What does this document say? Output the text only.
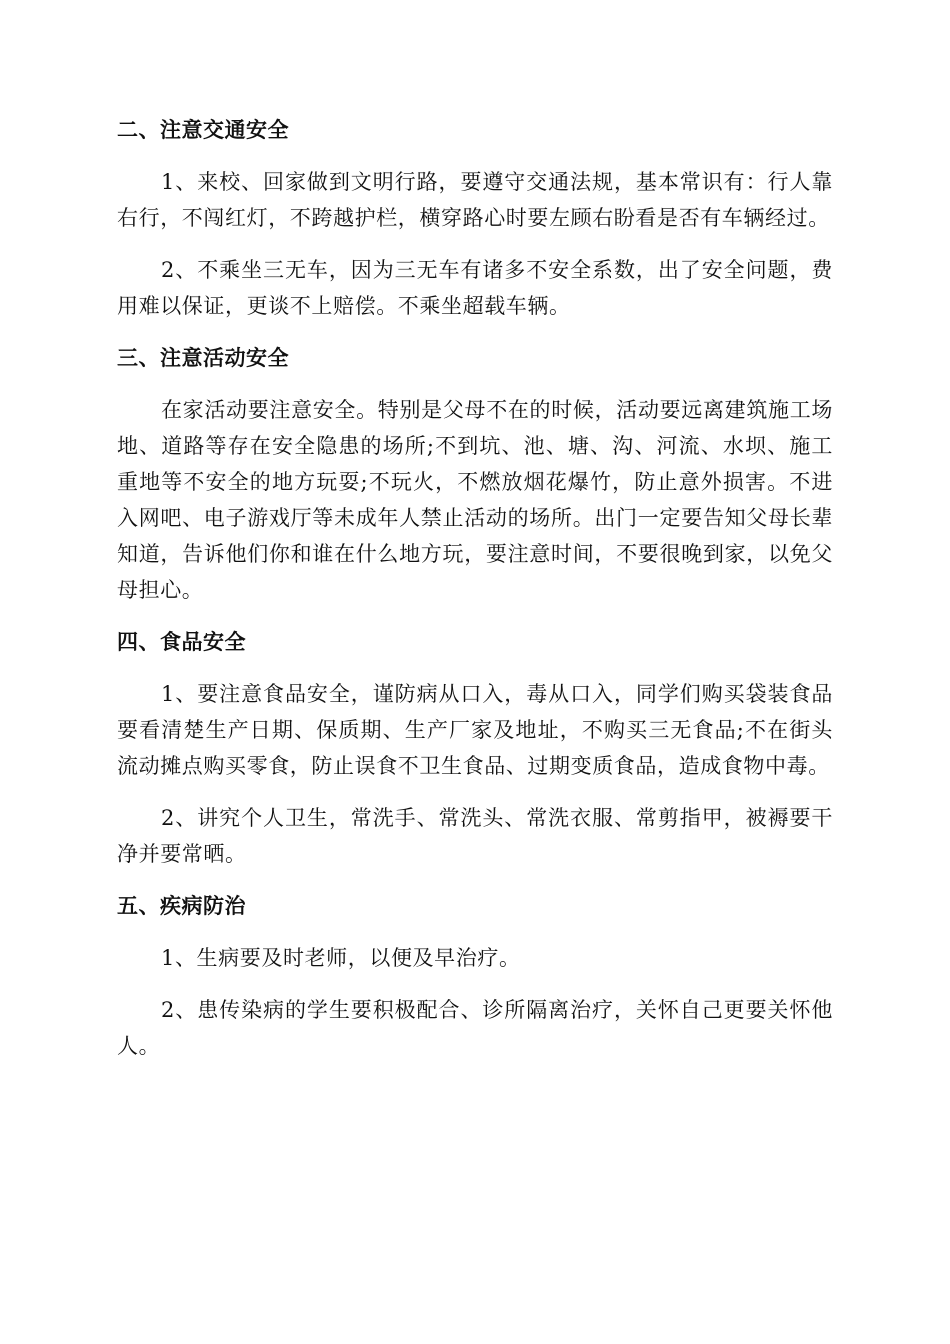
二、注意交通安全
1、来校、回家做到文明行路，要遵守交通法规，基本常识有：行人靠右行，不闯红灯，不跨越护栏，横穿路心时要左顾右盼看是否有车辆经过。
2、不乘坐三无车，因为三无车有诸多不安全系数，出了安全问题，费用难以保证，更谈不上赔偿。不乘坐超载车辆。
三、注意活动安全
在家活动要注意安全。特别是父母不在的时候，活动要远离建筑施工场地、道路等存在安全隐患的场所;不到坑、池、塘、沟、河流、水坝、施工重地等不安全的地方玩耍;不玩火，不燃放烟花爆竹，防止意外损害。不进入网吧、电子游戏厅等未成年人禁止活动的场所。出门一定要告知父母长辈知道，告诉他们你和谁在什么地方玩，要注意时间，不要很晚到家，以免父母担心。
四、食品安全
1、要注意食品安全，谨防病从口入，毒从口入，同学们购买袋装食品要看清楚生产日期、保质期、生产厂家及地址，不购买三无食品;不在街头流动摊点购买零食，防止误食不卫生食品、过期变质食品，造成食物中毒。
2、讲究个人卫生，常洗手、常洗头、常洗衣服、常剪指甲，被褥要干净并要常晒。
五、疾病防治
1、生病要及时老师，以便及早治疗。
2、患传染病的学生要积极配合、诊所隔离治疗，关怀自己更要关怀他人。
